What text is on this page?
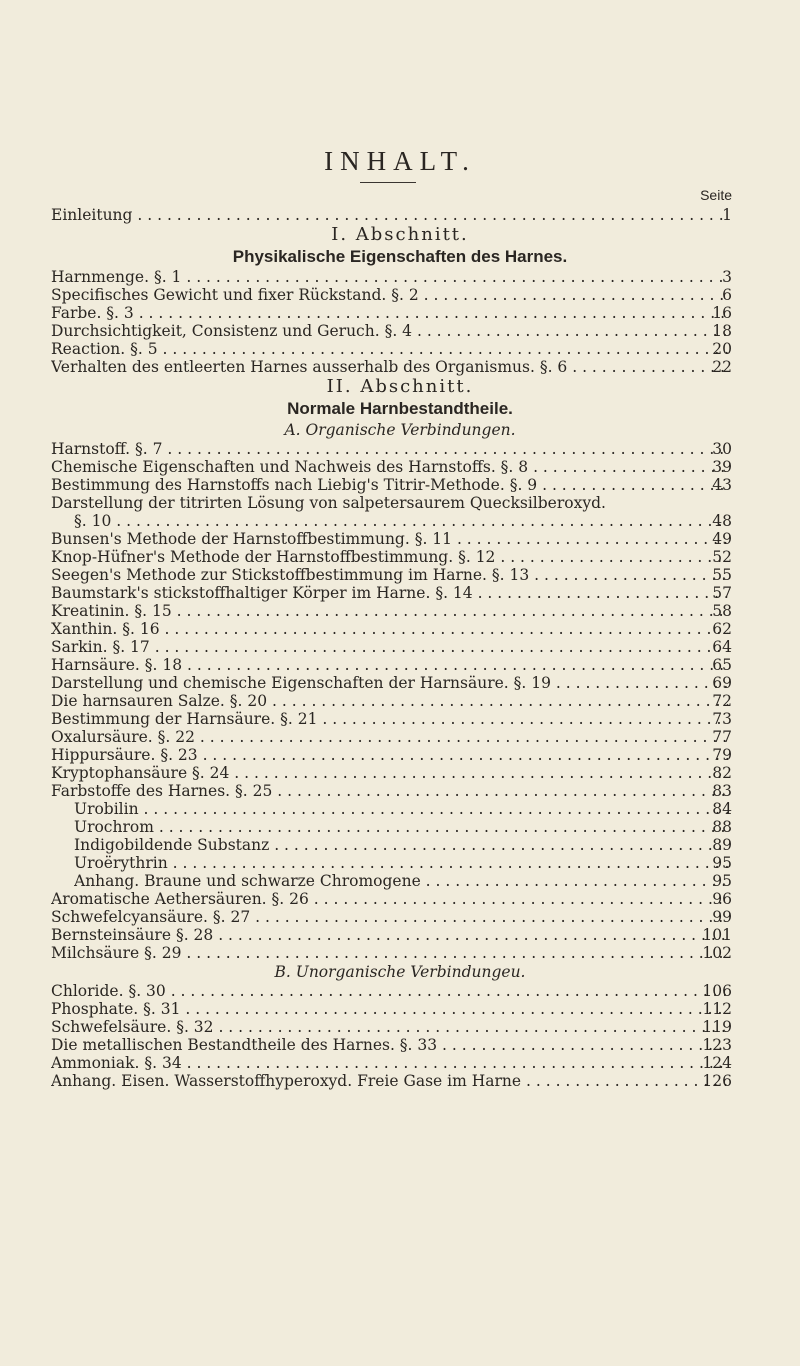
INHALT.
Seite
Einleitung . . .	1
I. Abschnitt.
Physikalische Eigenschaften des Harnes.
Harnmenge. §. 1 . . .	3
Specifisches Gewicht und fixer Rückstand. §. 2 . . .	6
Farbe. §. 3 . . .	16
Durchsichtigkeit, Consistenz und Geruch. §. 4 . . .	18
Reaction. §. 5 . . .	20
Verhalten des entleerten Harnes ausserhalb des Organismus. §. 6 . . .	22
II. Abschnitt.
Normale Harnbestandtheile.
A. Organische Verbindungen.
Harnstoff. §. 7 . . .	30
Chemische Eigenschaften und Nachweis des Harnstoffs. §. 8 . . .	39
Bestimmung des Harnstoffs nach Liebig's Titrir-Methode. §. 9 . . .	43
Darstellung der titrirten Lösung von salpetersaurem Quecksilberoxyd.
§. 10 . . .	48
Bunsen's Methode der Harnstoffbestimmung. §. 11 . . .	49
Knop-Hüfner's Methode der Harnstoffbestimmung. §. 12 . . .	52
Seegen's Methode zur Stickstoffbestimmung im Harne. §. 13 . . .	55
Baumstark's stickstoffhaltiger Körper im Harne. §. 14 . . .	57
Kreatinin. §. 15 . . .	58
Xanthin. §. 16 . . .	62
Sarkin. §. 17 . . .	64
Harnsäure. §. 18 . . .	65
Darstellung und chemische Eigenschaften der Harnsäure. §. 19 . . .	69
Die harnsauren Salze. §. 20 . . .	72
Bestimmung der Harnsäure. §. 21 . . .	73
Oxalursäure. §. 22 . . .	77
Hippursäure. §. 23 . . .	79
Kryptophansäure §. 24 . . .	82
Farbstoffe des Harnes. §. 25 . . .	83
Urobilin . . .	84
Urochrom . . .	88
Indigobildende Substanz . . .	89
Uroërythrin . . .	95
Anhang. Braune und schwarze Chromogene . . .	95
Aromatische Aethersäuren. §. 26 . . .	96
Schwefelcyansäure. §. 27 . . .	99
Bernsteinsäure §. 28 . . .	101
Milchsäure §. 29 . . .	102
B. Unorganische Verbindungeu.
Chloride. §. 30 . . .	106
Phosphate. §. 31 . . .	112
Schwefelsäure. §. 32 . . .	119
Die metallischen Bestandtheile des Harnes. §. 33 . . .	123
Ammoniak. §. 34 . . .	124
Anhang. Eisen. Wasserstoffhyperoxyd. Freie Gase im Harne . . .	126
